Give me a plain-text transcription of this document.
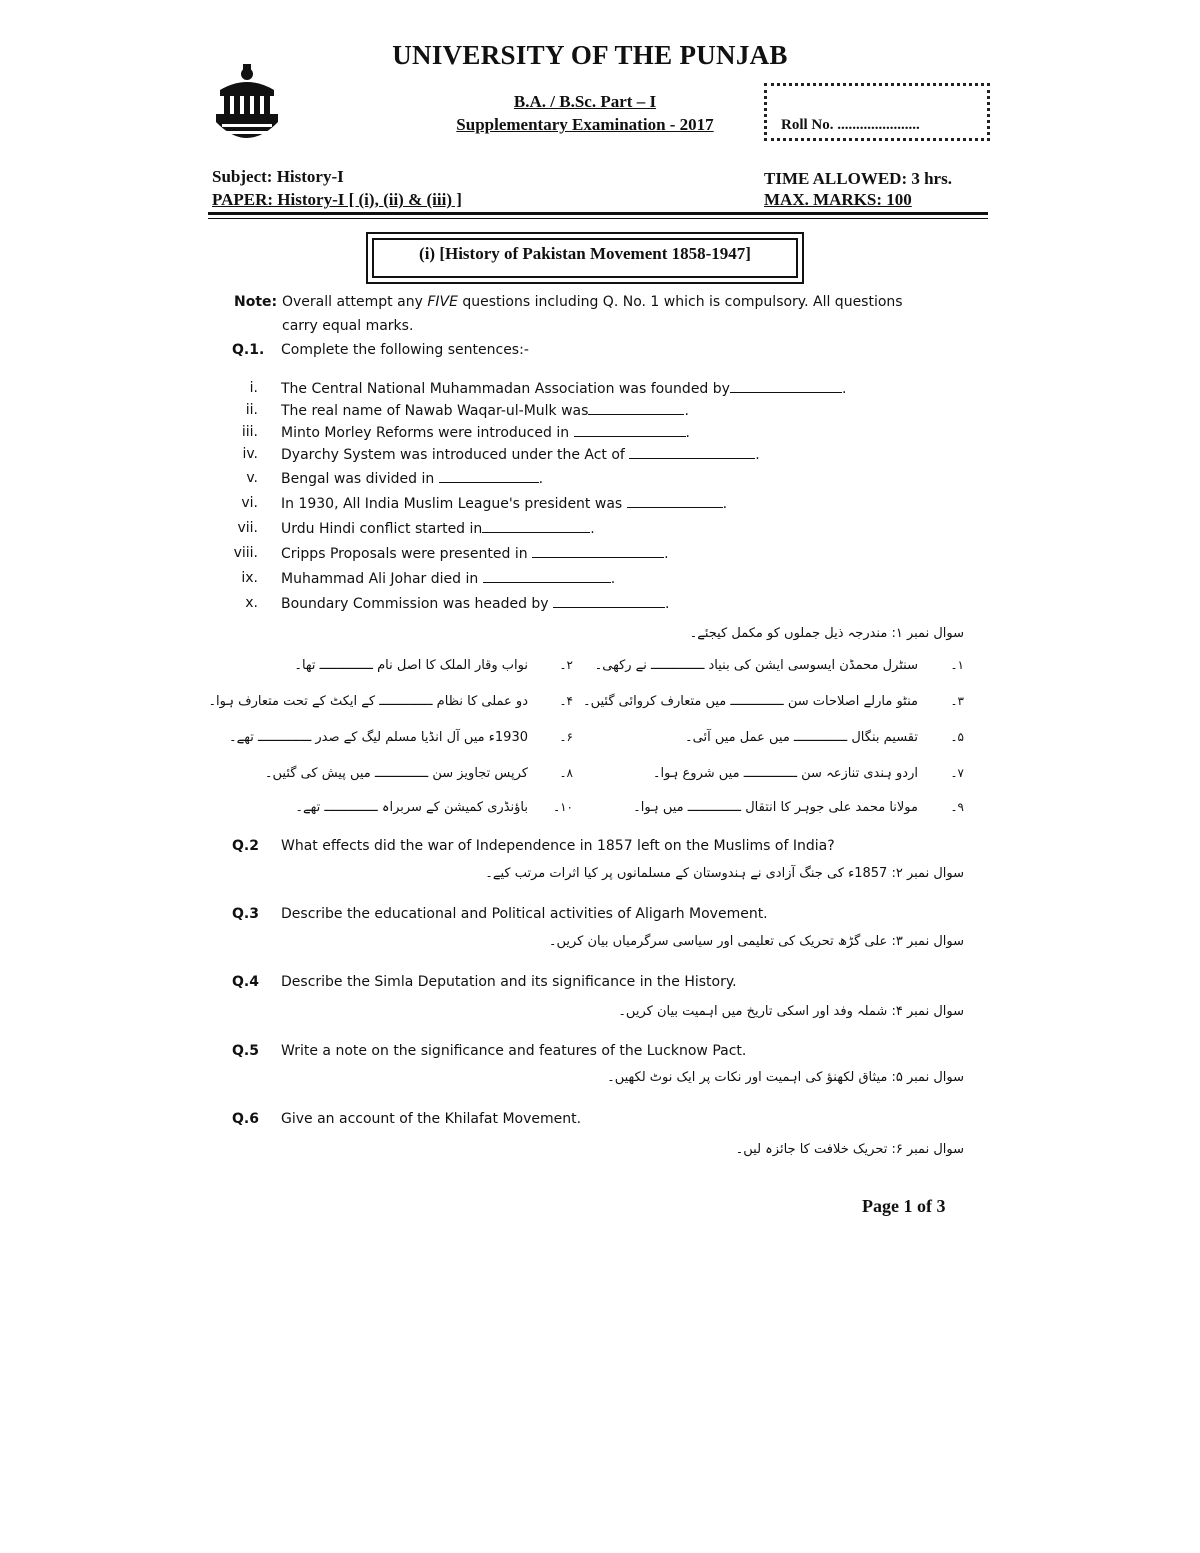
UNIVERSITY OF THE PUNJAB
B.A. / B.Sc. Part – I
Supplementary Examination - 2017	Roll No. ......................
Subject: History-I
PAPER: History-I [ (i), (ii) & (iii) ]
TIME ALLOWED: 3 hrs.
MAX. MARKS: 100
(i) [History of Pakistan Movement 1858-1947]
Note: Overall attempt any FIVE questions including Q. No. 1 which is compulsory. All questions
carry equal marks.
Q.1. Complete the following sentences:-
i. The Central National Muhammadan Association was founded by	.
ii. The real name of Nawab Waqar-ul-Mulk was	.
iii. Minto Morley Reforms were introduced in	.
iv. Dyarchy System was introduced under the Act of	.
v. Bengal was divided in	.
vi. In 1930, All India Muslim League's president was	.
vii. Urdu Hindi conflict started in	.
viii. Cripps Proposals were presented in	.
ix. Muhammad Ali Johar died in	.
x. Boundary Commission was headed by	.
سوال نمبر ۱: مندرجہ ذیل جملوں کو مکمل کیجئے۔
۱۔
سنٹرل محمڈن ایسوسی ایشن کی بنیاد ــــــــــــــ نے رکھی۔
۲۔
نواب وقار الملک کا اصل نام ــــــــــــــ تھا۔
۳۔
منٹو مارلے اصلاحات سن ــــــــــــــ میں متعارف کروائی گئیں۔
۴۔
دو عملی کا نظام ــــــــــــــ کے ایکٹ کے تحت متعارف ہوا۔
۵۔
تقسیم بنگال ــــــــــــــ میں عمل میں آئی۔
۶۔
1930ء میں آل انڈیا مسلم لیگ کے صدر ــــــــــــــ تھے۔
۷۔
اردو ہندی تنازعہ سن ــــــــــــــ میں شروع ہوا۔
۸۔
کرپس تجاویز سن ــــــــــــــ میں پیش کی گئیں۔
۹۔
مولانا محمد علی جوہر کا انتقال ــــــــــــــ میں ہوا۔
۱۰۔
باؤنڈری کمیشن کے سربراہ ــــــــــــــ تھے۔
Q.2 What effects did the war of Independence in 1857 left on the Muslims of India?
سوال نمبر ۲: 1857ء کی جنگ آزادی نے ہندوستان کے مسلمانوں پر کیا اثرات مرتب کیے۔
Q.3 Describe the educational and Political activities of Aligarh Movement.
سوال نمبر ۳: علی گڑھ تحریک کی تعلیمی اور سیاسی سرگرمیاں بیان کریں۔
Q.4 Describe the Simla Deputation and its significance in the History.
سوال نمبر ۴: شملہ وفد اور اسکی تاریخ میں اہمیت بیان کریں۔
Q.5 Write a note on the significance and features of the Lucknow Pact.
سوال نمبر ۵: میثاق لکھنؤ کی اہمیت اور نکات پر ایک نوٹ لکھیں۔
Q.6 Give an account of the Khilafat Movement.
سوال نمبر ۶: تحریک خلافت کا جائزہ لیں۔
Page 1 of 3
